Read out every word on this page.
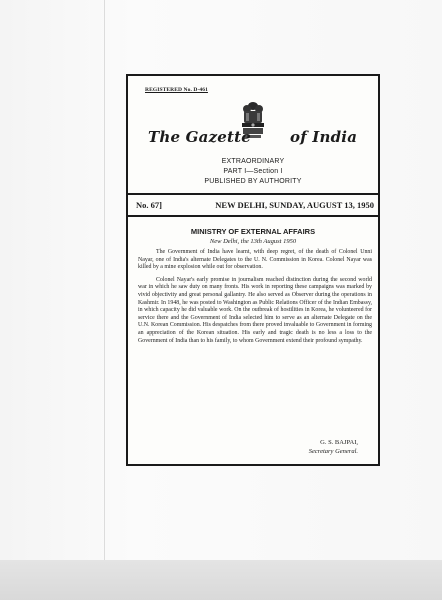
REGISTERED No. D-461
The Gazette	of India
EXTRAORDINARY
PART I—Section I
PUBLISHED BY AUTHORITY
No. 67]	NEW DELHI, SUNDAY, AUGUST 13, 1950
MINISTRY OF EXTERNAL AFFAIRS
New Delhi, the 13th August 1950

The Government of India have learnt, with deep regret, of the death of Colonel Unni Nayar, one of India's alternate Delegates to the U. N. Commission in Korea. Colonel Nayar was killed by a mine explosion while out for observation.

Colonel Nayar's early promise in journalism reached distinction during the second world war in which he saw duty on many fronts. His work in reporting these campaigns was marked by vivid objectivity and great personal gallantry. He also served as Observer during the operations in Kashmir. In 1948, he was posted to Washington as Public Relations Officer of the Indian Embassy, in which capacity he did valuable work. On the outbreak of hostilities in Korea, he volunteered for service there and the Government of India selected him to serve as an alternate Delegate on the U.N. Korean Commission. His despatches from there proved invaluable to Government in forming an appreciation of the Korean situation. His early and tragic death is no less a loss to the Government of India than to his family, to whom Government extend their profound sympathy.

G. S. BAJPAI,
Secretary General.
